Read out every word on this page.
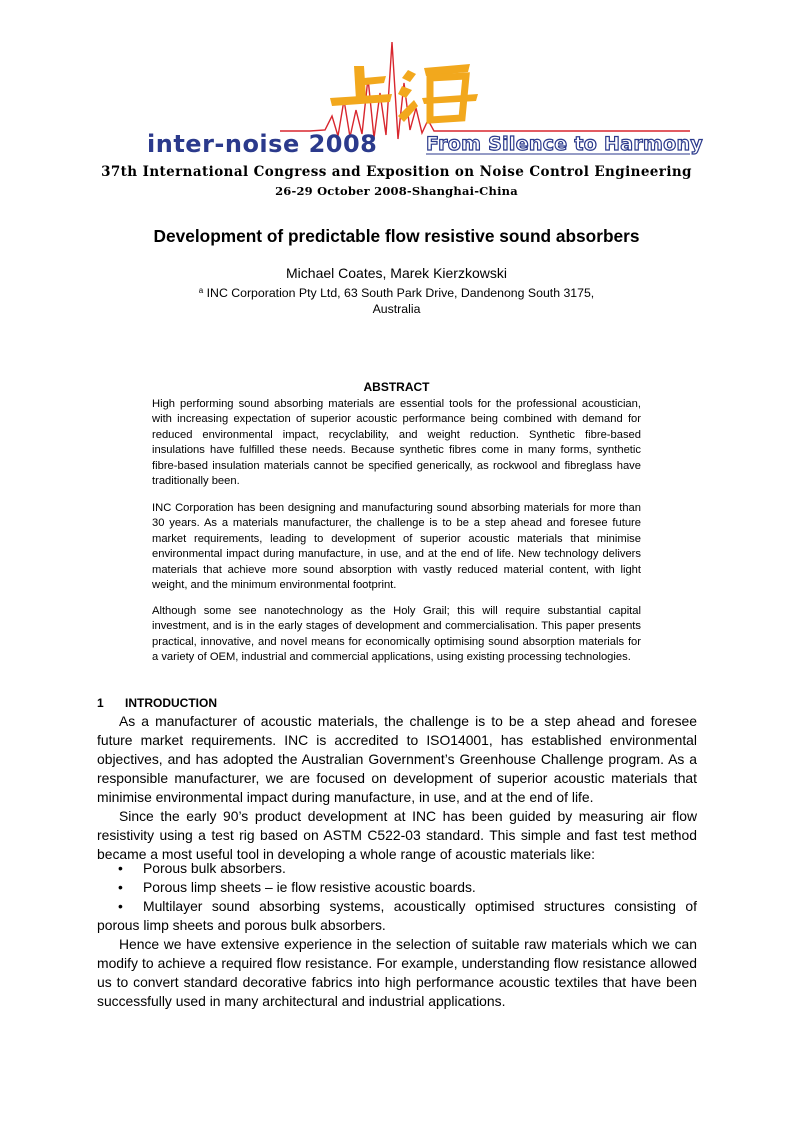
inter-noise 2008	From Silence to Harmony
37th International Congress and Exposition on Noise Control Engineering
26-29 October 2008-Shanghai-China
Development of predictable flow resistive sound absorbers
Michael Coates, Marek Kierzkowski
$^a$ INC Corporation Pty Ltd, 63 South Park Drive, Dandenong South 3175,
Australia
ABSTRACT

High performing sound absorbing materials are essential tools for the professional acoustician, with increasing expectation of superior acoustic performance being combined with demand for reduced environmental impact, recyclability, and weight reduction. Synthetic fibre-based insulations have fulfilled these needs. Because synthetic fibres come in many forms, synthetic fibre-based insulation materials cannot be specified generically, as rockwool and fibreglass have traditionally been.

INC Corporation has been designing and manufacturing sound absorbing materials for more than 30 years. As a materials manufacturer, the challenge is to be a step ahead and foresee future market requirements, leading to development of superior acoustic materials that minimise environmental impact during manufacture, in use, and at the end of life. New technology delivers materials that achieve more sound absorption with vastly reduced material content, with light weight, and the minimum environmental footprint.

Although some see nanotechnology as the Holy Grail; this will require substantial capital investment, and is in the early stages of development and commercialisation. This paper presents practical, innovative, and novel means for economically optimising sound absorption materials for a variety of OEM, industrial and commercial applications, using existing processing technologies.

1 INTRODUCTION

As a manufacturer of acoustic materials, the challenge is to be a step ahead and foresee future market requirements. INC is accredited to ISO14001, has established environmental objectives, and has adopted the Australian Government’s Greenhouse Challenge program. As a responsible manufacturer, we are focused on development of superior acoustic materials that minimise environmental impact during manufacture, in use, and at the end of life.

Since the early 90’s product development at INC has been guided by measuring air flow resistivity using a test rig based on ASTM C522-03 standard. This simple and fast test method became a most useful tool in developing a whole range of acoustic materials like:

•	Porous bulk absorbers.
•	Porous limp sheets – ie flow resistive acoustic boards.
•	Multilayer sound absorbing systems, acoustically optimised structures consisting of porous limp sheets and porous bulk absorbers.

Hence we have extensive experience in the selection of suitable raw materials which we can modify to achieve a required flow resistance. For example, understanding flow resistance allowed us to convert standard decorative fabrics into high performance acoustic textiles that have been successfully used in many architectural and industrial applications.
